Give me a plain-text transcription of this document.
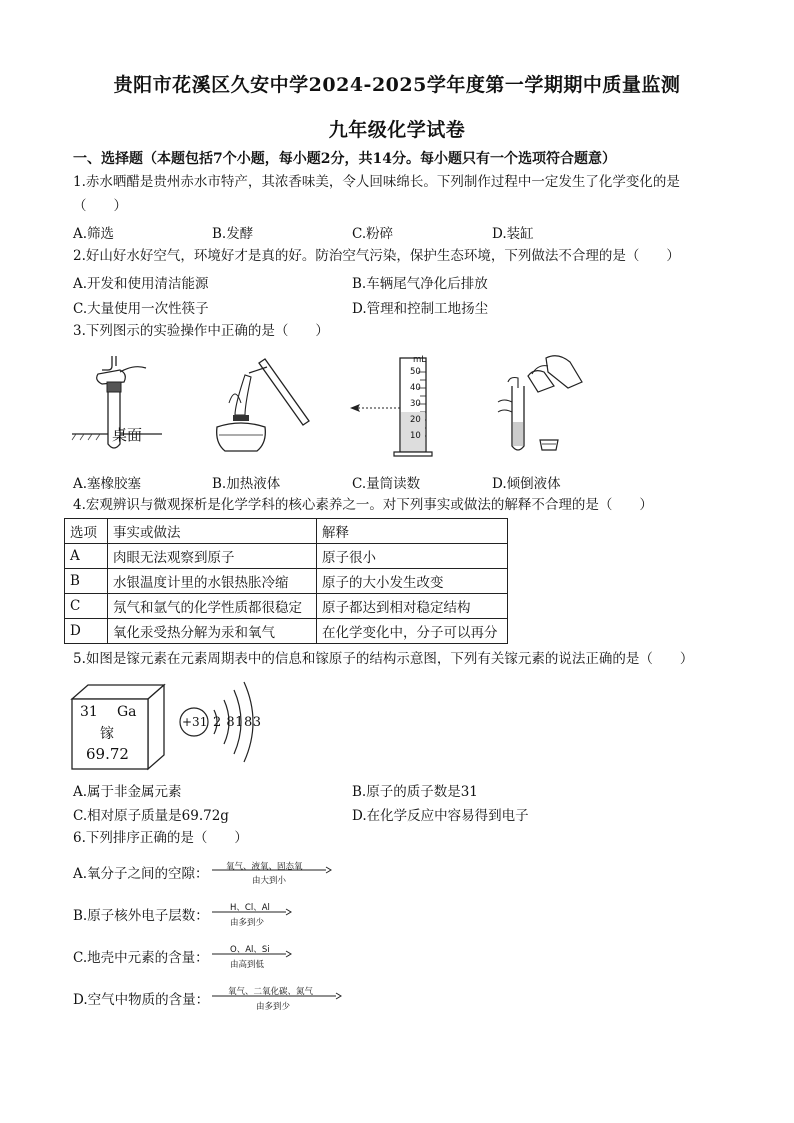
贵阳市花溪区久安中学2024-2025学年度第一学期期中质量监测
九年级化学试卷
一、选择题（本题包括7个小题，每小题2分，共14分。每小题只有一个选项符合题意）
1.赤水晒醋是贵州赤水市特产，其浓香味美，令人回味绵长。下列制作过程中一定发生了化学变化的是
（　　）
A.筛选	B.发酵	C.粉碎	D.装缸
2.好山好水好空气，环境好才是真的好。防治空气污染，保护生态环境，下列做法不合理的是（　　）
A.开发和使用清洁能源	B.车辆尾气净化后排放
C.大量使用一次性筷子	D.管理和控制工地扬尘
3.下列图示的实验操作中正确的是（　　）
桌面
mL
50
40
30
20
10
A.塞橡胶塞	B.加热液体	C.量筒读数	D.倾倒液体
4.宏观辨识与微观探析是化学学科的核心素养之一。对下列事实或做法的解释不合理的是（　　）
选项	事实或做法	解释
A	肉眼无法观察到原子	原子很小
B	水银温度计里的水银热胀冷缩	原子的大小发生改变
C	氖气和氩气的化学性质都很稳定	原子都达到相对稳定结构
D	氧化汞受热分解为汞和氧气	在化学变化中，分子可以再分
5.如图是镓元素在元素周期表中的信息和镓原子的结构示意图，下列有关镓元素的说法正确的是（　　）
31 Ga
镓
69.72
+31 2 8183
A.属于非金属元素	B.原子的质子数是31
C.相对原子质量是69.72g	D.在化学反应中容易得到电子
6.下列排序正确的是（　　）
A.氧分子之间的空隙： 氧气、液氧、固态氧
由大到小
B.原子核外电子层数：	H、Cl、Al
由多到少
C.地壳中元素的含量：	O、Al、Si
由高到低
D.空气中物质的含量： 氧气、二氧化碳、氮气
由多到少
